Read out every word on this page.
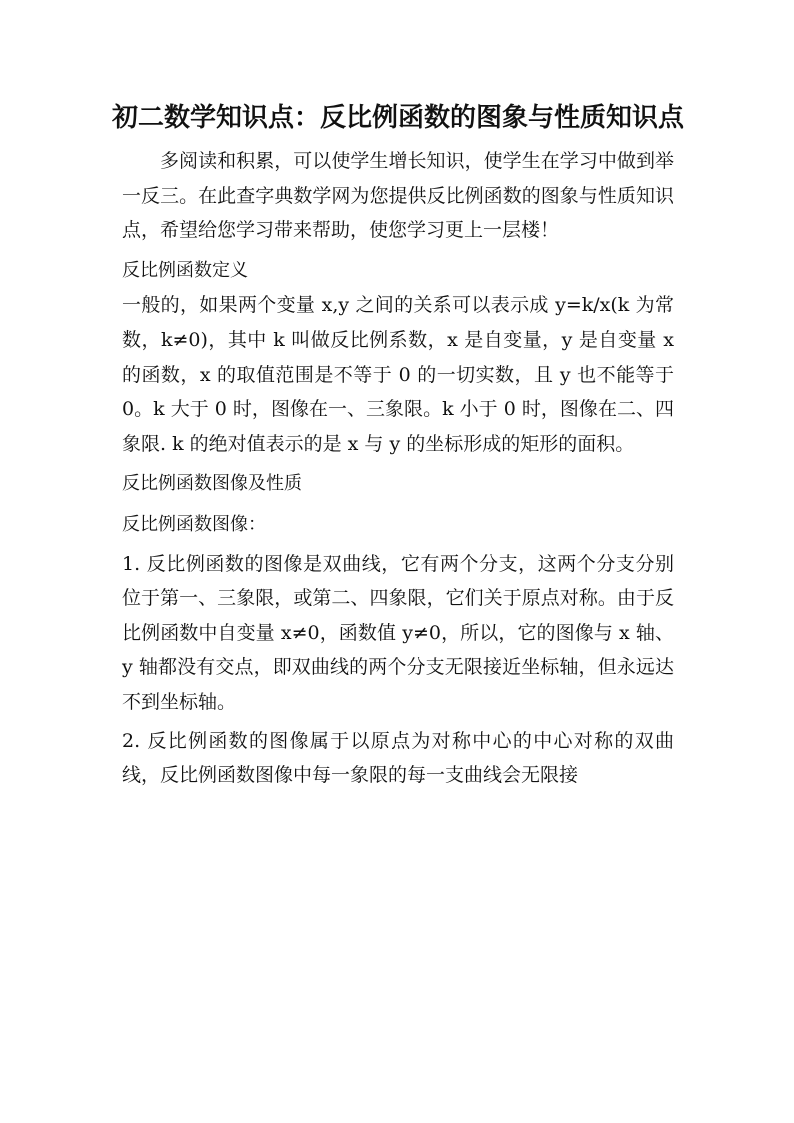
初二数学知识点：反比例函数的图象与性质知识点

多阅读和积累，可以使学生增长知识，使学生在学习中做到举一反三。在此查字典数学网为您提供反比例函数的图象与性质知识点，希望给您学习带来帮助，使您学习更上一层楼！

反比例函数定义

一般的，如果两个变量 x,y 之间的关系可以表示成 y=k/x(k 为常数，k≠0)，其中 k 叫做反比例系数，x 是自变量，y 是自变量 x 的函数，x 的取值范围是不等于 0 的一切实数，且 y 也不能等于 0。k 大于 0 时，图像在一、三象限。k 小于 0 时，图像在二、四象限. k 的绝对值表示的是 x 与 y 的坐标形成的矩形的面积。

反比例函数图像及性质

反比例函数图像：

1. 反比例函数的图像是双曲线，它有两个分支，这两个分支分别位于第一、三象限，或第二、四象限，它们关于原点对称。由于反比例函数中自变量 x≠0，函数值 y≠0，所以，它的图像与 x 轴、y 轴都没有交点，即双曲线的两个分支无限接近坐标轴，但永远达不到坐标轴。

2. 反比例函数的图像属于以原点为对称中心的中心对称的双曲线，反比例函数图像中每一象限的每一支曲线会无限接
